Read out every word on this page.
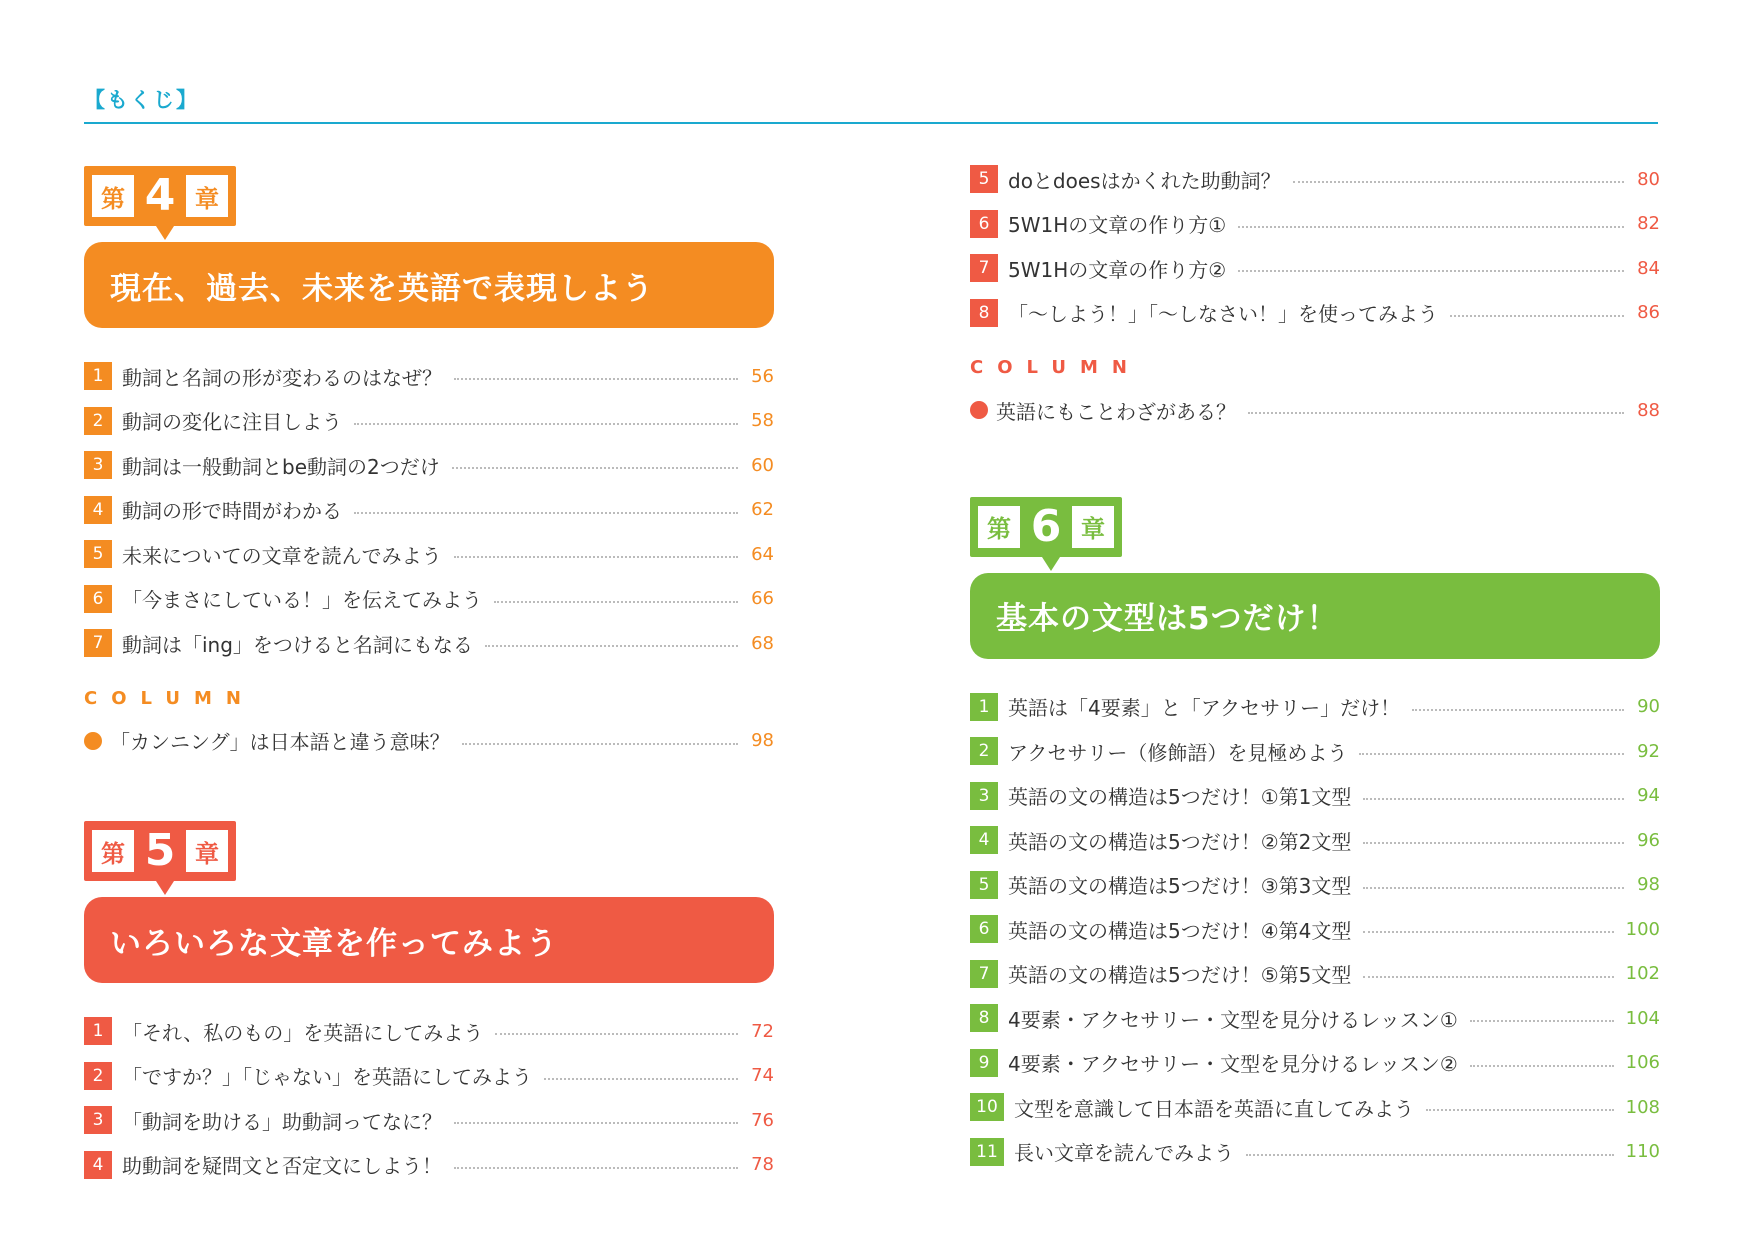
【もくじ】
第 4 章
現在、過去、未来を英語で表現しよう
1 動詞と名詞の形が変わるのはなぜ？	56
2 動詞の変化に注目しよう	58
3 動詞は一般動詞とbe動詞の2つだけ	60
4 動詞の形で時間がわかる	62
5 未来についての文章を読んでみよう	64
6 「今まさにしている！」を伝えてみよう	66
7 動詞は「ing」をつけると名詞にもなる	68
COLUMN
「カンニング」は日本語と違う意味？	98
第 5 章
いろいろな文章を作ってみよう
1 「それ、私のもの」を英語にしてみよう	72
2 「ですか？」「じゃない」を英語にしてみよう	74
3 「動詞を助ける」助動詞ってなに？	76
4 助動詞を疑問文と否定文にしよう！	78
5 doとdoesはかくれた助動詞？	80
6 5W1Hの文章の作り方①	82
7 5W1Hの文章の作り方②	84
8 「～しよう！」「～しなさい！」を使ってみよう	86
COLUMN
英語にもことわざがある？	88
第 6 章
基本の文型は5つだけ！
1 英語は「4要素」と「アクセサリー」だけ！	90
2 アクセサリー（修飾語）を見極めよう	92
3 英語の文の構造は5つだけ！①第1文型	94
4 英語の文の構造は5つだけ！②第2文型	96
5 英語の文の構造は5つだけ！③第3文型	98
6 英語の文の構造は5つだけ！④第4文型	100
7 英語の文の構造は5つだけ！⑤第5文型	102
8 4要素・アクセサリー・文型を見分けるレッスン①	104
9 4要素・アクセサリー・文型を見分けるレッスン②	106
10 文型を意識して日本語を英語に直してみよう	108
11 長い文章を読んでみよう	110
